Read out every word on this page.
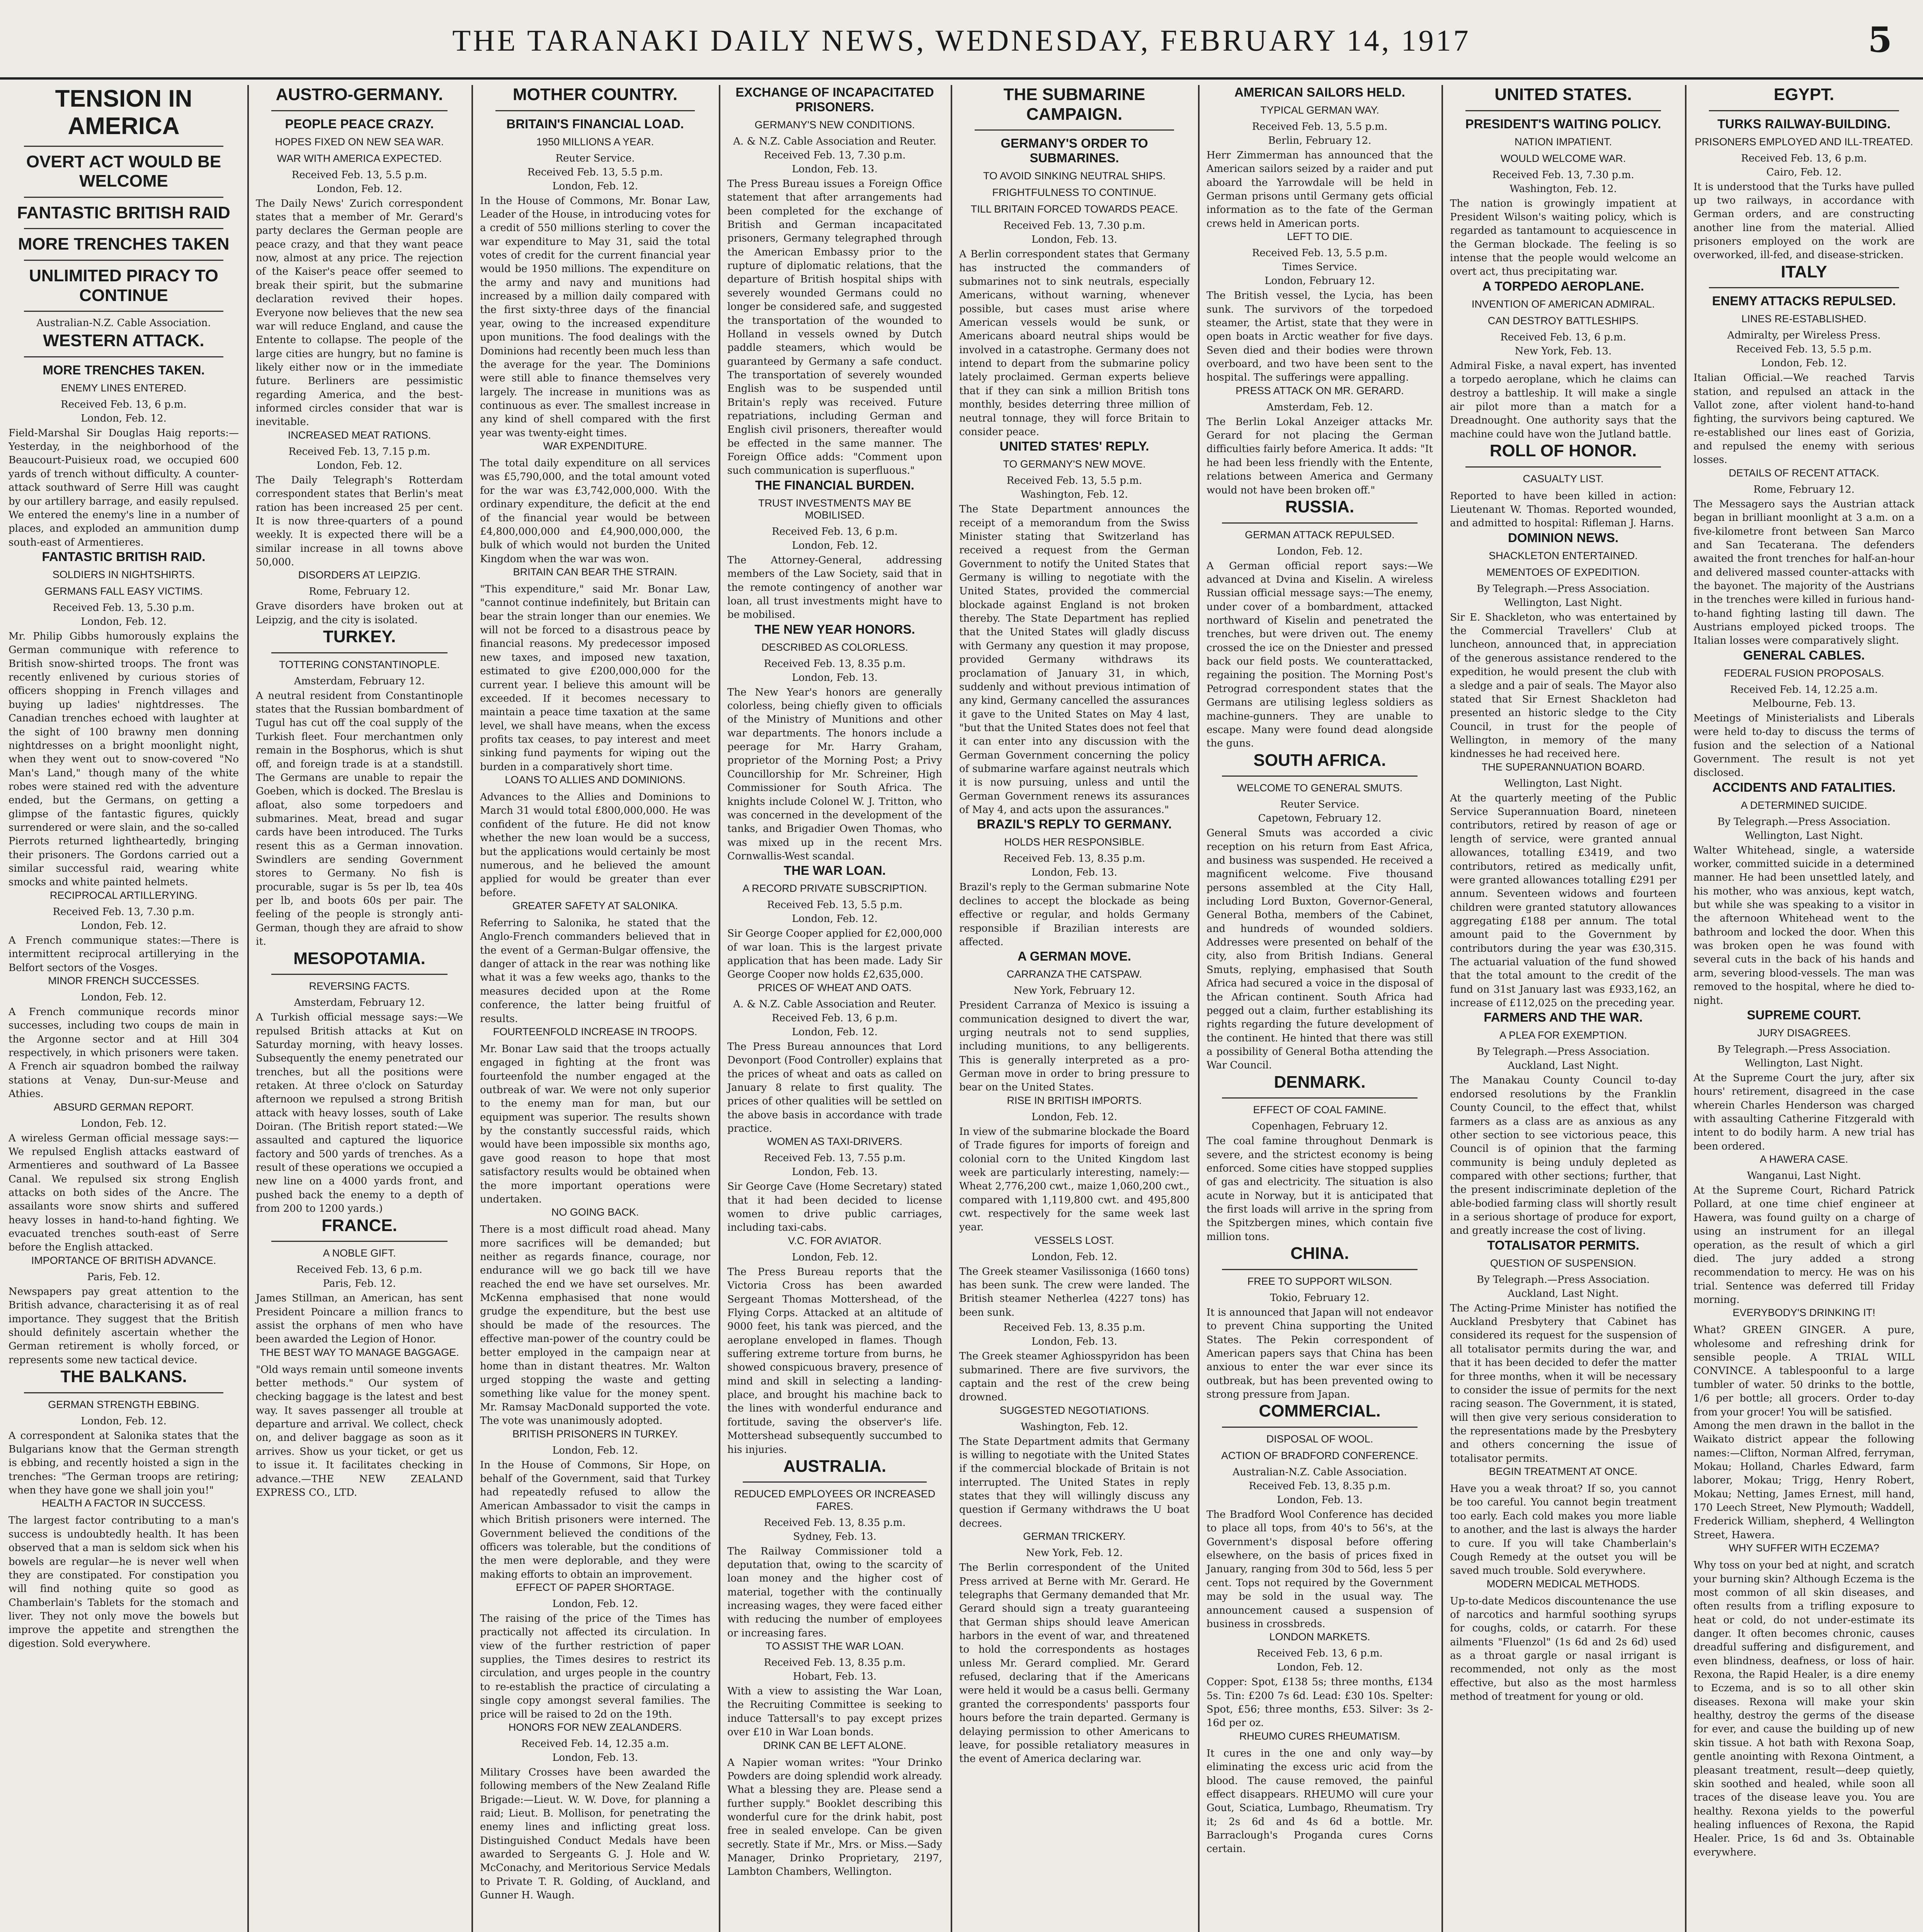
THE TARANAKI DAILY NEWS, WEDNESDAY, FEBRUARY 14, 1917	5
TENSION IN AMERICA
OVERT ACT WOULD BE WELCOME
FANTASTIC BRITISH RAID
MORE TRENCHES TAKEN
UNLIMITED PIRACY TO CONTINUE
Australian-N.Z. Cable Association.
WESTERN ATTACK.
MORE TRENCHES TAKEN.
ENEMY LINES ENTERED.
Received Feb. 13, 6 p.m.
London, Feb. 12.

Field-Marshal Sir Douglas Haig reports:—Yesterday, in the neighborhood of the Beaucourt-Puisieux road, we occupied 600 yards of trench without difficulty. A counter-attack southward of Serre Hill was caught by our artillery barrage, and easily repulsed. We entered the enemy's line in a number of places, and exploded an ammunition dump south-east of Armentieres.

FANTASTIC BRITISH RAID.
SOLDIERS IN NIGHTSHIRTS.
GERMANS FALL EASY VICTIMS.
Received Feb. 13, 5.30 p.m.
London, Feb. 12.

Mr. Philip Gibbs humorously explains the German communique with reference to British snow-shirted troops. The front was recently enlivened by curious stories of officers shopping in French villages and buying up ladies' nightdresses. The Canadian trenches echoed with laughter at the sight of 100 brawny men donning nightdresses on a bright moonlight night, when they went out to snow-covered "No Man's Land," though many of the white robes were stained red with the adventure ended, but the Germans, on getting a glimpse of the fantastic figures, quickly surrendered or were slain, and the so-called Pierrots returned lightheartedly, bringing their prisoners. The Gordons carried out a similar successful raid, wearing white smocks and white painted helmets.

RECIPROCAL ARTILLERYING.
Received Feb. 13, 7.30 p.m.
London, Feb. 12.

A French communique states:—There is intermittent reciprocal artillerying in the Belfort sectors of the Vosges.

MINOR FRENCH SUCCESSES.
London, Feb. 12.

A French communique records minor successes, including two coups de main in the Argonne sector and at Hill 304 respectively, in which prisoners were taken. A French air squadron bombed the railway stations at Venay, Dun-sur-Meuse and Athies.

ABSURD GERMAN REPORT.
London, Feb. 12.

A wireless German official message says:—We repulsed English attacks eastward of Armentieres and southward of La Bassee Canal. We repulsed six strong English attacks on both sides of the Ancre. The assailants wore snow shirts and suffered heavy losses in hand-to-hand fighting. We evacuated trenches south-east of Serre before the English attacked.

IMPORTANCE OF BRITISH ADVANCE.
Paris, Feb. 12.

Newspapers pay great attention to the British advance, characterising it as of real importance. They suggest that the British should definitely ascertain whether the German retirement is wholly forced, or represents some new tactical device.

THE BALKANS.
GERMAN STRENGTH EBBING.
London, Feb. 12.

A correspondent at Salonika states that the Bulgarians know that the German strength is ebbing, and recently hoisted a sign in the trenches: "The German troops are retiring; when they have gone we shall join you!"

HEALTH A FACTOR IN SUCCESS.

The largest factor contributing to a man's success is undoubtedly health. It has been observed that a man is seldom sick when his bowels are regular—he is never well when they are constipated. For constipation you will find nothing quite so good as Chamberlain's Tablets for the stomach and liver. They not only move the bowels but improve the appetite and strengthen the digestion. Sold everywhere.

AUSTRO-GERMANY.
PEOPLE PEACE CRAZY.
HOPES FIXED ON NEW SEA WAR.
WAR WITH AMERICA EXPECTED.
Received Feb. 13, 5.5 p.m.
London, Feb. 12.

The Daily News' Zurich correspondent states that a member of Mr. Gerard's party declares the German people are peace crazy, and that they want peace now, almost at any price. The rejection of the Kaiser's peace offer seemed to break their spirit, but the submarine declaration revived their hopes. Everyone now believes that the new sea war will reduce England, and cause the Entente to collapse. The people of the large cities are hungry, but no famine is likely either now or in the immediate future. Berliners are pessimistic regarding America, and the best-informed circles consider that war is inevitable.

INCREASED MEAT RATIONS.
Received Feb. 13, 7.15 p.m.
London, Feb. 12.

The Daily Telegraph's Rotterdam correspondent states that Berlin's meat ration has been increased 25 per cent. It is now three-quarters of a pound weekly. It is expected there will be a similar increase in all towns above 50,000.

DISORDERS AT LEIPZIG.
Rome, February 12.

Grave disorders have broken out at Leipzig, and the city is isolated.

TURKEY.
TOTTERING CONSTANTINOPLE.
Amsterdam, February 12.

A neutral resident from Constantinople states that the Russian bombardment of Tugul has cut off the coal supply of the Turkish fleet. Four merchantmen only remain in the Bosphorus, which is shut off, and foreign trade is at a standstill. The Germans are unable to repair the Goeben, which is docked. The Breslau is afloat, also some torpedoers and submarines. Meat, bread and sugar cards have been introduced. The Turks resent this as a German innovation. Swindlers are sending Government stores to Germany. No fish is procurable, sugar is 5s per lb, tea 40s per lb, and boots 60s per pair. The feeling of the people is strongly anti-German, though they are afraid to show it.

MESOPOTAMIA.
REVERSING FACTS.
Amsterdam, February 12.

A Turkish official message says:—We repulsed British attacks at Kut on Saturday morning, with heavy losses. Subsequently the enemy penetrated our trenches, but all the positions were retaken. At three o'clock on Saturday afternoon we repulsed a strong British attack with heavy losses, south of Lake Doiran. (The British report stated:—We assaulted and captured the liquorice factory and 500 yards of trenches. As a result of these operations we occupied a new line on a 4000 yards front, and pushed back the enemy to a depth of from 200 to 1200 yards.)

FRANCE.
A NOBLE GIFT.
Received Feb. 13, 6 p.m.
Paris, Feb. 12.

James Stillman, an American, has sent President Poincare a million francs to assist the orphans of men who have been awarded the Legion of Honor.

THE BEST WAY TO MANAGE BAGGAGE.

"Old ways remain until someone invents better methods." Our system of checking baggage is the latest and best way. It saves passenger all trouble at departure and arrival. We collect, check on, and deliver baggage as soon as it arrives. Show us your ticket, or get us to issue it. It facilitates checking in advance.—THE NEW ZEALAND EXPRESS CO., LTD.

MOTHER COUNTRY.
BRITAIN'S FINANCIAL LOAD.
1950 MILLIONS A YEAR.
Reuter Service.
Received Feb. 13, 5.5 p.m.
London, Feb. 12.

In the House of Commons, Mr. Bonar Law, Leader of the House, in introducing votes for a credit of 550 millions sterling to cover the war expenditure to May 31, said the total votes of credit for the current financial year would be 1950 millions. The expenditure on the army and navy and munitions had increased by a million daily compared with the first sixty-three days of the financial year, owing to the increased expenditure upon munitions. The food dealings with the Dominions had recently been much less than the average for the year. The Dominions were still able to finance themselves very largely. The increase in munitions was as continuous as ever. The smallest increase in any kind of shell compared with the first year was twenty-eight times.

WAR EXPENDITURE.

The total daily expenditure on all services was £5,790,000, and the total amount voted for the war was £3,742,000,000. With the ordinary expenditure, the deficit at the end of the financial year would be between £4,800,000,000 and £4,900,000,000, the bulk of which would not burden the United Kingdom when the war was won.

BRITAIN CAN BEAR THE STRAIN.

"This expenditure," said Mr. Bonar Law, "cannot continue indefinitely, but Britain can bear the strain longer than our enemies. We will not be forced to a disastrous peace by financial reasons. My predecessor imposed new taxes, and imposed new taxation, estimated to give £200,000,000 for the current year. I believe this amount will be exceeded. If it becomes necessary to maintain a peace time taxation at the same level, we shall have means, when the excess profits tax ceases, to pay interest and meet sinking fund payments for wiping out the burden in a comparatively short time.

LOANS TO ALLIES AND DOMINIONS.

Advances to the Allies and Dominions to March 31 would total £800,000,000. He was confident of the future. He did not know whether the new loan would be a success, but the applications would certainly be most numerous, and he believed the amount applied for would be greater than ever before.

GREATER SAFETY AT SALONIKA.

Referring to Salonika, he stated that the Anglo-French commanders believed that in the event of a German-Bulgar offensive, the danger of attack in the rear was nothing like what it was a few weeks ago, thanks to the measures decided upon at the Rome conference, the latter being fruitful of results.

FOURTEENFOLD INCREASE IN TROOPS.

Mr. Bonar Law said that the troops actually engaged in fighting at the front was fourteenfold the number engaged at the outbreak of war. We were not only superior to the enemy man for man, but our equipment was superior. The results shown by the constantly successful raids, which would have been impossible six months ago, gave good reason to hope that most satisfactory results would be obtained when the more important operations were undertaken.

NO GOING BACK.

There is a most difficult road ahead. Many more sacrifices will be demanded; but neither as regards finance, courage, nor endurance will we go back till we have reached the end we have set ourselves. Mr. McKenna emphasised that none would grudge the expenditure, but the best use should be made of the resources. The effective man-power of the country could be better employed in the campaign near at home than in distant theatres. Mr. Walton urged stopping the waste and getting something like value for the money spent. Mr. Ramsay MacDonald supported the vote. The vote was unanimously adopted.

BRITISH PRISONERS IN TURKEY.
London, Feb. 12.

In the House of Commons, Sir Hope, on behalf of the Government, said that Turkey had repeatedly refused to allow the American Ambassador to visit the camps in which British prisoners were interned. The Government believed the conditions of the officers was tolerable, but the conditions of the men were deplorable, and they were making efforts to obtain an improvement.

EFFECT OF PAPER SHORTAGE.
London, Feb. 12.

The raising of the price of the Times has practically not affected its circulation. In view of the further restriction of paper supplies, the Times desires to restrict its circulation, and urges people in the country to re-establish the practice of circulating a single copy amongst several families. The price will be raised to 2d on the 19th.

HONORS FOR NEW ZEALANDERS.
Received Feb. 14, 12.35 a.m.
London, Feb. 13.

Military Crosses have been awarded the following members of the New Zealand Rifle Brigade:—Lieut. W. W. Dove, for planning a raid; Lieut. B. Mollison, for penetrating the enemy lines and inflicting great loss. Distinguished Conduct Medals have been awarded to Sergeants G. J. Hole and W. McConachy, and Meritorious Service Medals to Private T. R. Golding, of Auckland, and Gunner H. Waugh.

EXCHANGE OF INCAPACITATED PRISONERS.
GERMANY'S NEW CONDITIONS.
A. & N.Z. Cable Association and Reuter.
Received Feb. 13, 7.30 p.m.
London, Feb. 13.

The Press Bureau issues a Foreign Office statement that after arrangements had been completed for the exchange of British and German incapacitated prisoners, Germany telegraphed through the American Embassy prior to the rupture of diplomatic relations, that the departure of British hospital ships with severely wounded Germans could no longer be considered safe, and suggested the transportation of the wounded to Holland in vessels owned by Dutch paddle steamers, which would be guaranteed by Germany a safe conduct. The transportation of severely wounded English was to be suspended until Britain's reply was received. Future repatriations, including German and English civil prisoners, thereafter would be effected in the same manner. The Foreign Office adds: "Comment upon such communication is superfluous."

THE FINANCIAL BURDEN.
TRUST INVESTMENTS MAY BE MOBILISED.
Received Feb. 13, 6 p.m.
London, Feb. 12.

The Attorney-General, addressing members of the Law Society, said that in the remote contingency of another war loan, all trust investments might have to be mobilised.

THE NEW YEAR HONORS.
DESCRIBED AS COLORLESS.
Received Feb. 13, 8.35 p.m.
London, Feb. 13.

The New Year's honors are generally colorless, being chiefly given to officials of the Ministry of Munitions and other war departments. The honors include a peerage for Mr. Harry Graham, proprietor of the Morning Post; a Privy Councillorship for Mr. Schreiner, High Commissioner for South Africa. The knights include Colonel W. J. Tritton, who was concerned in the development of the tanks, and Brigadier Owen Thomas, who was mixed up in the recent Mrs. Cornwallis-West scandal.

THE WAR LOAN.
A RECORD PRIVATE SUBSCRIPTION.
Received Feb. 13, 5.5 p.m.
London, Feb. 12.

Sir George Cooper applied for £2,000,000 of war loan. This is the largest private application that has been made. Lady Sir George Cooper now holds £2,635,000.

PRICES OF WHEAT AND OATS.
A. & N.Z. Cable Association and Reuter.
Received Feb. 13, 6 p.m.
London, Feb. 12.

The Press Bureau announces that Lord Devonport (Food Controller) explains that the prices of wheat and oats as called on January 8 relate to first quality. The prices of other qualities will be settled on the above basis in accordance with trade practice.

WOMEN AS TAXI-DRIVERS.
Received Feb. 13, 7.55 p.m.
London, Feb. 13.

Sir George Cave (Home Secretary) stated that it had been decided to license women to drive public carriages, including taxi-cabs.

V.C. FOR AVIATOR.
London, Feb. 12.

The Press Bureau reports that the Victoria Cross has been awarded Sergeant Thomas Mottershead, of the Flying Corps. Attacked at an altitude of 9000 feet, his tank was pierced, and the aeroplane enveloped in flames. Though suffering extreme torture from burns, he showed conspicuous bravery, presence of mind and skill in selecting a landing-place, and brought his machine back to the lines with wonderful endurance and fortitude, saving the observer's life. Mottershead subsequently succumbed to his injuries.

AUSTRALIA.
REDUCED EMPLOYEES OR INCREASED FARES.
Received Feb. 13, 8.35 p.m.
Sydney, Feb. 13.

The Railway Commissioner told a deputation that, owing to the scarcity of loan money and the higher cost of material, together with the continually increasing wages, they were faced either with reducing the number of employees or increasing fares.

TO ASSIST THE WAR LOAN.
Received Feb. 13, 8.35 p.m.
Hobart, Feb. 13.

With a view to assisting the War Loan, the Recruiting Committee is seeking to induce Tattersall's to pay except prizes over £10 in War Loan bonds.

DRINK CAN BE LEFT ALONE.

A Napier woman writes: "Your Drinko Powders are doing splendid work already. What a blessing they are. Please send a further supply." Booklet describing this wonderful cure for the drink habit, post free in sealed envelope. Can be given secretly. State if Mr., Mrs. or Miss.—Sady Manager, Drinko Proprietary, 2197, Lambton Chambers, Wellington.

THE SUBMARINE CAMPAIGN.
GERMANY'S ORDER TO SUBMARINES.
TO AVOID SINKING NEUTRAL SHIPS.
FRIGHTFULNESS TO CONTINUE.
TILL BRITAIN FORCED TOWARDS PEACE.
Received Feb. 13, 7.30 p.m.
London, Feb. 13.

A Berlin correspondent states that Germany has instructed the commanders of submarines not to sink neutrals, especially Americans, without warning, whenever possible, but cases must arise where American vessels would be sunk, or Americans aboard neutral ships would be involved in a catastrophe. Germany does not intend to depart from the submarine policy lately proclaimed. German experts believe that if they can sink a million British tons monthly, besides deterring three million of neutral tonnage, they will force Britain to consider peace.

UNITED STATES' REPLY.
TO GERMANY'S NEW MOVE.
Received Feb. 13, 5.5 p.m.
Washington, Feb. 12.

The State Department announces the receipt of a memorandum from the Swiss Minister stating that Switzerland has received a request from the German Government to notify the United States that Germany is willing to negotiate with the United States, provided the commercial blockade against England is not broken thereby. The State Department has replied that the United States will gladly discuss with Germany any question it may propose, provided Germany withdraws its proclamation of January 31, in which, suddenly and without previous intimation of any kind, Germany cancelled the assurances it gave to the United States on May 4 last, "but that the United States does not feel that it can enter into any discussion with the German Government concerning the policy of submarine warfare against neutrals which it is now pursuing, unless and until the German Government renews its assurances of May 4, and acts upon the assurances."

BRAZIL'S REPLY TO GERMANY.
HOLDS HER RESPONSIBLE.
Received Feb. 13, 8.35 p.m.
London, Feb. 13.

Brazil's reply to the German submarine Note declines to accept the blockade as being effective or regular, and holds Germany responsible if Brazilian interests are affected.

A GERMAN MOVE.
CARRANZA THE CATSPAW.
New York, February 12.

President Carranza of Mexico is issuing a communication designed to divert the war, urging neutrals not to send supplies, including munitions, to any belligerents. This is generally interpreted as a pro-German move in order to bring pressure to bear on the United States.

RISE IN BRITISH IMPORTS.
London, Feb. 12.

In view of the submarine blockade the Board of Trade figures for imports of foreign and colonial corn to the United Kingdom last week are particularly interesting, namely:—Wheat 2,776,200 cwt., maize 1,060,200 cwt., compared with 1,119,800 cwt. and 495,800 cwt. respectively for the same week last year.

VESSELS LOST.
London, Feb. 12.

The Greek steamer Vasilissoniga (1660 tons) has been sunk. The crew were landed. The British steamer Netherlea (4227 tons) has been sunk.

Received Feb. 13, 8.35 p.m.
London, Feb. 13.

The Greek steamer Aghiosspyridon has been submarined. There are five survivors, the captain and the rest of the crew being drowned.

SUGGESTED NEGOTIATIONS.
Washington, Feb. 12.

The State Department admits that Germany is willing to negotiate with the United States if the commercial blockade of Britain is not interrupted. The United States in reply states that they will willingly discuss any question if Germany withdraws the U boat decrees.

GERMAN TRICKERY.
New York, Feb. 12.

The Berlin correspondent of the United Press arrived at Berne with Mr. Gerard. He telegraphs that Germany demanded that Mr. Gerard should sign a treaty guaranteeing that German ships should leave American harbors in the event of war, and threatened to hold the correspondents as hostages unless Mr. Gerard complied. Mr. Gerard refused, declaring that if the Americans were held it would be a casus belli. Germany granted the correspondents' passports four hours before the train departed. Germany is delaying permission to other Americans to leave, for possible retaliatory measures in the event of America declaring war.

AMERICAN SAILORS HELD.
TYPICAL GERMAN WAY.
Received Feb. 13, 5.5 p.m.
Berlin, February 12.

Herr Zimmerman has announced that the American sailors seized by a raider and put aboard the Yarrowdale will be held in German prisons until Germany gets official information as to the fate of the German crews held in American ports.

LEFT TO DIE.
Received Feb. 13, 5.5 p.m.
Times Service.
London, February 12.

The British vessel, the Lycia, has been sunk. The survivors of the torpedoed steamer, the Artist, state that they were in open boats in Arctic weather for five days. Seven died and their bodies were thrown overboard, and two have been sent to the hospital. The sufferings were appalling.

PRESS ATTACK ON MR. GERARD.
Amsterdam, Feb. 12.

The Berlin Lokal Anzeiger attacks Mr. Gerard for not placing the German difficulties fairly before America. It adds: "It he had been less friendly with the Entente, relations between America and Germany would not have been broken off."

RUSSIA.
GERMAN ATTACK REPULSED.
London, Feb. 12.

A German official report says:—We advanced at Dvina and Kiselin. A wireless Russian official message says:—The enemy, under cover of a bombardment, attacked northward of Kiselin and penetrated the trenches, but were driven out. The enemy crossed the ice on the Dniester and pressed back our field posts. We counterattacked, regaining the position. The Morning Post's Petrograd correspondent states that the Germans are utilising legless soldiers as machine-gunners. They are unable to escape. Many were found dead alongside the guns.

SOUTH AFRICA.
WELCOME TO GENERAL SMUTS.
Reuter Service.
Capetown, February 12.

General Smuts was accorded a civic reception on his return from East Africa, and business was suspended. He received a magnificent welcome. Five thousand persons assembled at the City Hall, including Lord Buxton, Governor-General, General Botha, members of the Cabinet, and hundreds of wounded soldiers. Addresses were presented on behalf of the city, also from British Indians. General Smuts, replying, emphasised that South Africa had secured a voice in the disposal of the African continent. South Africa had pegged out a claim, further establishing its rights regarding the future development of the continent. He hinted that there was still a possibility of General Botha attending the War Council.

DENMARK.
EFFECT OF COAL FAMINE.
Copenhagen, February 12.

The coal famine throughout Denmark is severe, and the strictest economy is being enforced. Some cities have stopped supplies of gas and electricity. The situation is also acute in Norway, but it is anticipated that the first loads will arrive in the spring from the Spitzbergen mines, which contain five million tons.

CHINA.
FREE TO SUPPORT WILSON.
Tokio, February 12.

It is announced that Japan will not endeavor to prevent China supporting the United States. The Pekin correspondent of American papers says that China has been anxious to enter the war ever since its outbreak, but has been prevented owing to strong pressure from Japan.

COMMERCIAL.
DISPOSAL OF WOOL.
ACTION OF BRADFORD CONFERENCE.
Australian-N.Z. Cable Association.
Received Feb. 13, 8.35 p.m.
London, Feb. 13.

The Bradford Wool Conference has decided to place all tops, from 40's to 56's, at the Government's disposal before offering elsewhere, on the basis of prices fixed in January, ranging from 30d to 56d, less 5 per cent. Tops not required by the Government may be sold in the usual way. The announcement caused a suspension of business in crossbreds.

LONDON MARKETS.
Received Feb. 13, 6 p.m.
London, Feb. 12.

Copper: Spot, £138 5s; three months, £134 5s. Tin: £200 7s 6d. Lead: £30 10s. Spelter: Spot, £56; three months, £53. Silver: 3s 2-16d per oz.

RHEUMO CURES RHEUMATISM.

It cures in the one and only way—by eliminating the excess uric acid from the blood. The cause removed, the painful effect disappears. RHEUMO will cure your Gout, Sciatica, Lumbago, Rheumatism. Try it; 2s 6d and 4s 6d a bottle. Mr. Barraclough's Proganda cures Corns certain.

UNITED STATES.
PRESIDENT'S WAITING POLICY.
NATION IMPATIENT.
WOULD WELCOME WAR.
Received Feb. 13, 7.30 p.m.
Washington, Feb. 12.

The nation is growingly impatient at President Wilson's waiting policy, which is regarded as tantamount to acquiescence in the German blockade. The feeling is so intense that the people would welcome an overt act, thus precipitating war.

A TORPEDO AEROPLANE.
INVENTION OF AMERICAN ADMIRAL.
CAN DESTROY BATTLESHIPS.
Received Feb. 13, 6 p.m.
New York, Feb. 13.

Admiral Fiske, a naval expert, has invented a torpedo aeroplane, which he claims can destroy a battleship. It will make a single air pilot more than a match for a Dreadnought. One authority says that the machine could have won the Jutland battle.

ROLL OF HONOR.
CASUALTY LIST.

Reported to have been killed in action: Lieutenant W. Thomas. Reported wounded, and admitted to hospital: Rifleman J. Harns.

DOMINION NEWS.
SHACKLETON ENTERTAINED.
MEMENTOES OF EXPEDITION.
By Telegraph.—Press Association.
Wellington, Last Night.

Sir E. Shackleton, who was entertained by the Commercial Travellers' Club at luncheon, announced that, in appreciation of the generous assistance rendered to the expedition, he would present the club with a sledge and a pair of seals. The Mayor also stated that Sir Ernest Shackleton had presented an historic sledge to the City Council, in trust for the people of Wellington, in memory of the many kindnesses he had received here.

THE SUPERANNUATION BOARD.
Wellington, Last Night.

At the quarterly meeting of the Public Service Superannuation Board, nineteen contributors, retired by reason of age or length of service, were granted annual allowances, totalling £3419, and two contributors, retired as medically unfit, were granted allowances totalling £291 per annum. Seventeen widows and fourteen children were granted statutory allowances aggregating £188 per annum. The total amount paid to the Government by contributors during the year was £30,315. The actuarial valuation of the fund showed that the total amount to the credit of the fund on 31st January last was £933,162, an increase of £112,025 on the preceding year.

FARMERS AND THE WAR.
A PLEA FOR EXEMPTION.
By Telegraph.—Press Association.
Auckland, Last Night.

The Manakau County Council to-day endorsed resolutions by the Franklin County Council, to the effect that, whilst farmers as a class are as anxious as any other section to see victorious peace, this Council is of opinion that the farming community is being unduly depleted as compared with other sections; further, that the present indiscriminate depletion of the able-bodied farming class will shortly result in a serious shortage of produce for export, and greatly increase the cost of living.

TOTALISATOR PERMITS.
QUESTION OF SUSPENSION.
By Telegraph.—Press Association.
Auckland, Last Night.

The Acting-Prime Minister has notified the Auckland Presbytery that Cabinet has considered its request for the suspension of all totalisator permits during the war, and that it has been decided to defer the matter for three months, when it will be necessary to consider the issue of permits for the next racing season. The Government, it is stated, will then give very serious consideration to the representations made by the Presbytery and others concerning the issue of totalisator permits.

BEGIN TREATMENT AT ONCE.

Have you a weak throat? If so, you cannot be too careful. You cannot begin treatment too early. Each cold makes you more liable to another, and the last is always the harder to cure. If you will take Chamberlain's Cough Remedy at the outset you will be saved much trouble. Sold everywhere.

MODERN MEDICAL METHODS.

Up-to-date Medicos discountenance the use of narcotics and harmful soothing syrups for coughs, colds, or catarrh. For these ailments "Fluenzol" (1s 6d and 2s 6d) used as a throat gargle or nasal irrigant is recommended, not only as the most effective, but also as the most harmless method of treatment for young or old.

EGYPT.
TURKS RAILWAY-BUILDING.
PRISONERS EMPLOYED AND ILL-TREATED.
Received Feb. 13, 6 p.m.
Cairo, Feb. 12.

It is understood that the Turks have pulled up two railways, in accordance with German orders, and are constructing another line from the material. Allied prisoners employed on the work are overworked, ill-fed, and disease-stricken.

ITALY
ENEMY ATTACKS REPULSED.
LINES RE-ESTABLISHED.
Admiralty, per Wireless Press.
Received Feb. 13, 5.5 p.m.
London, Feb. 12.

Italian Official.—We reached Tarvis station, and repulsed an attack in the Vallot zone, after violent hand-to-hand fighting, the survivors being captured. We re-established our lines east of Gorizia, and repulsed the enemy with serious losses.

DETAILS OF RECENT ATTACK.
Rome, February 12.

The Messagero says the Austrian attack began in brilliant moonlight at 3 a.m. on a five-kilometre front between San Marco and San Tecaterana. The defenders awaited the front trenches for half-an-hour and delivered massed counter-attacks with the bayonet. The majority of the Austrians in the trenches were killed in furious hand-to-hand fighting lasting till dawn. The Austrians employed picked troops. The Italian losses were comparatively slight.

GENERAL CABLES.
FEDERAL FUSION PROPOSALS.
Received Feb. 14, 12.25 a.m.
Melbourne, Feb. 13.

Meetings of Ministerialists and Liberals were held to-day to discuss the terms of fusion and the selection of a National Government. The result is not yet disclosed.

ACCIDENTS AND FATALITIES.
A DETERMINED SUICIDE.
By Telegraph.—Press Association.
Wellington, Last Night.

Walter Whitehead, single, a waterside worker, committed suicide in a determined manner. He had been unsettled lately, and his mother, who was anxious, kept watch, but while she was speaking to a visitor in the afternoon Whitehead went to the bathroom and locked the door. When this was broken open he was found with several cuts in the back of his hands and arm, severing blood-vessels. The man was removed to the hospital, where he died to-night.

SUPREME COURT.
JURY DISAGREES.
By Telegraph.—Press Association.
Wellington, Last Night.

At the Supreme Court the jury, after six hours' retirement, disagreed in the case wherein Charles Henderson was charged with assaulting Catherine Fitzgerald with intent to do bodily harm. A new trial has been ordered.

A HAWERA CASE.
Wanganui, Last Night.

At the Supreme Court, Richard Patrick Pollard, at one time chief engineer at Hawera, was found guilty on a charge of using an instrument for an illegal operation, as the result of which a girl died. The jury added a strong recommendation to mercy. He was on his trial. Sentence was deferred till Friday morning.

EVERYBODY'S DRINKING IT!

What? GREEN GINGER. A pure, wholesome and refreshing drink for sensible people. A TRIAL WILL CONVINCE. A tablespoonful to a large tumbler of water. 50 drinks to the bottle, 1/6 per bottle; all grocers. Order to-day from your grocer! You will be satisfied.

Among the men drawn in the ballot in the Waikato district appear the following names:—Clifton, Norman Alfred, ferryman, Mokau; Holland, Charles Edward, farm laborer, Mokau; Trigg, Henry Robert, Mokau; Netting, James Ernest, mill hand, 170 Leech Street, New Plymouth; Waddell, Frederick William, shepherd, 4 Wellington Street, Hawera.

WHY SUFFER WITH ECZEMA?

Why toss on your bed at night, and scratch your burning skin? Although Eczema is the most common of all skin diseases, and often results from a trifling exposure to heat or cold, do not under-estimate its danger. It often becomes chronic, causes dreadful suffering and disfigurement, and even blindness, deafness, or loss of hair. Rexona, the Rapid Healer, is a dire enemy to Eczema, and is so to all other skin diseases. Rexona will make your skin healthy, destroy the germs of the disease for ever, and cause the building up of new skin tissue. A hot bath with Rexona Soap, gentle anointing with Rexona Ointment, a pleasant treatment, result—deep quietly, skin soothed and healed, while soon all traces of the disease leave you. You are healthy. Rexona yields to the powerful healing influences of Rexona, the Rapid Healer. Price, 1s 6d and 3s. Obtainable everywhere.
